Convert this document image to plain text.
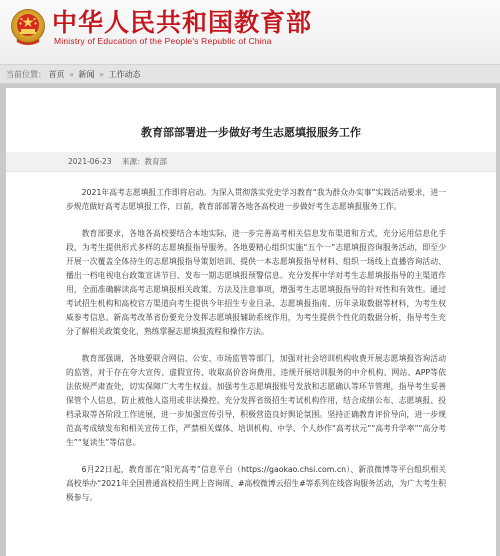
中华人民共和国教育部
Ministry of Education of the People's Republic of China
当前位置： 首页 » 新闻 » 工作动态
教育部部署进一步做好考生志愿填报服务工作
2021-06-23 来源：教育部

2021年高考志愿填报工作即将启动。为深入贯彻落实党史学习教育“我为群众办实事”实践活动要求，进一步规范做好高考志愿填报工作，日前，教育部部署各地各高校进一步做好考生志愿填报服务工作。

教育部要求，各地各高校要结合本地实际，进一步完善高考相关信息发布渠道和方式，充分运用信息化手段，为考生提供形式多样的志愿填报指导服务。各地要精心组织实施“五个一”志愿填报咨询服务活动，即至少开展一次覆盖全体待生的志愿填报指导策划培训、提供一本志愿填报指导材料、组织一场线上直播咨询活动、播出一档电视电台政策宣讲节目、发布一期志愿填报预警信息。充分发挥中学对考生志愿填报指导的主渠道作用，全面准确解读高考志愿填报相关政策、方法及注意事项，增强考生志愿填报指导的针对性和有效性。通过考试招生机构和高校官方渠道向考生提供今年招生专业目录、志愿填报指南、历年录取数据等材料，为考生权威参考信息。新高考改革省份要充分发挥志愿填报辅助系统作用，为考生提供个性化的数据分析，指导考生充分了解相关政策变化，熟练掌握志愿填报流程和操作方法。

教育部强调，各地要联合网信、公安、市场监管等部门，加强对社会培训机构收费开展志愿填报咨询活动的监管，对于存在夸大宣传、虚假宣传、收取高价咨询费用、违规开展培训服务的中介机构、网站、APP等依法依规严肃查处，切实保障广大考生权益。加强考生志愿填报账号发放和志愿确认等环节管理，指导考生妥善保管个人信息，防止被他人盗用或非法操控。充分发挥省级招生考试机构作用，结合成绩公布、志愿填报、投档录取等各阶段工作进展，进一步加强宣传引导，积极营造良好舆论氛围。坚持正确教育评价导向，进一步规范高考成绩发布和相关宣传工作，严禁相关媒体、培训机构、中学、个人炒作“高考状元”“高考升学率”“高分考生”“复读生”等信息。

6月22日起，教育部在“阳光高考”信息平台（https://gaokao.chsi.com.cn）、新浪微博等平台组织相关高校举办“2021年全国普通高校招生网上咨询周、#高校微博云招生#等系列在线咨询服务活动，为广大考生积极参与。
